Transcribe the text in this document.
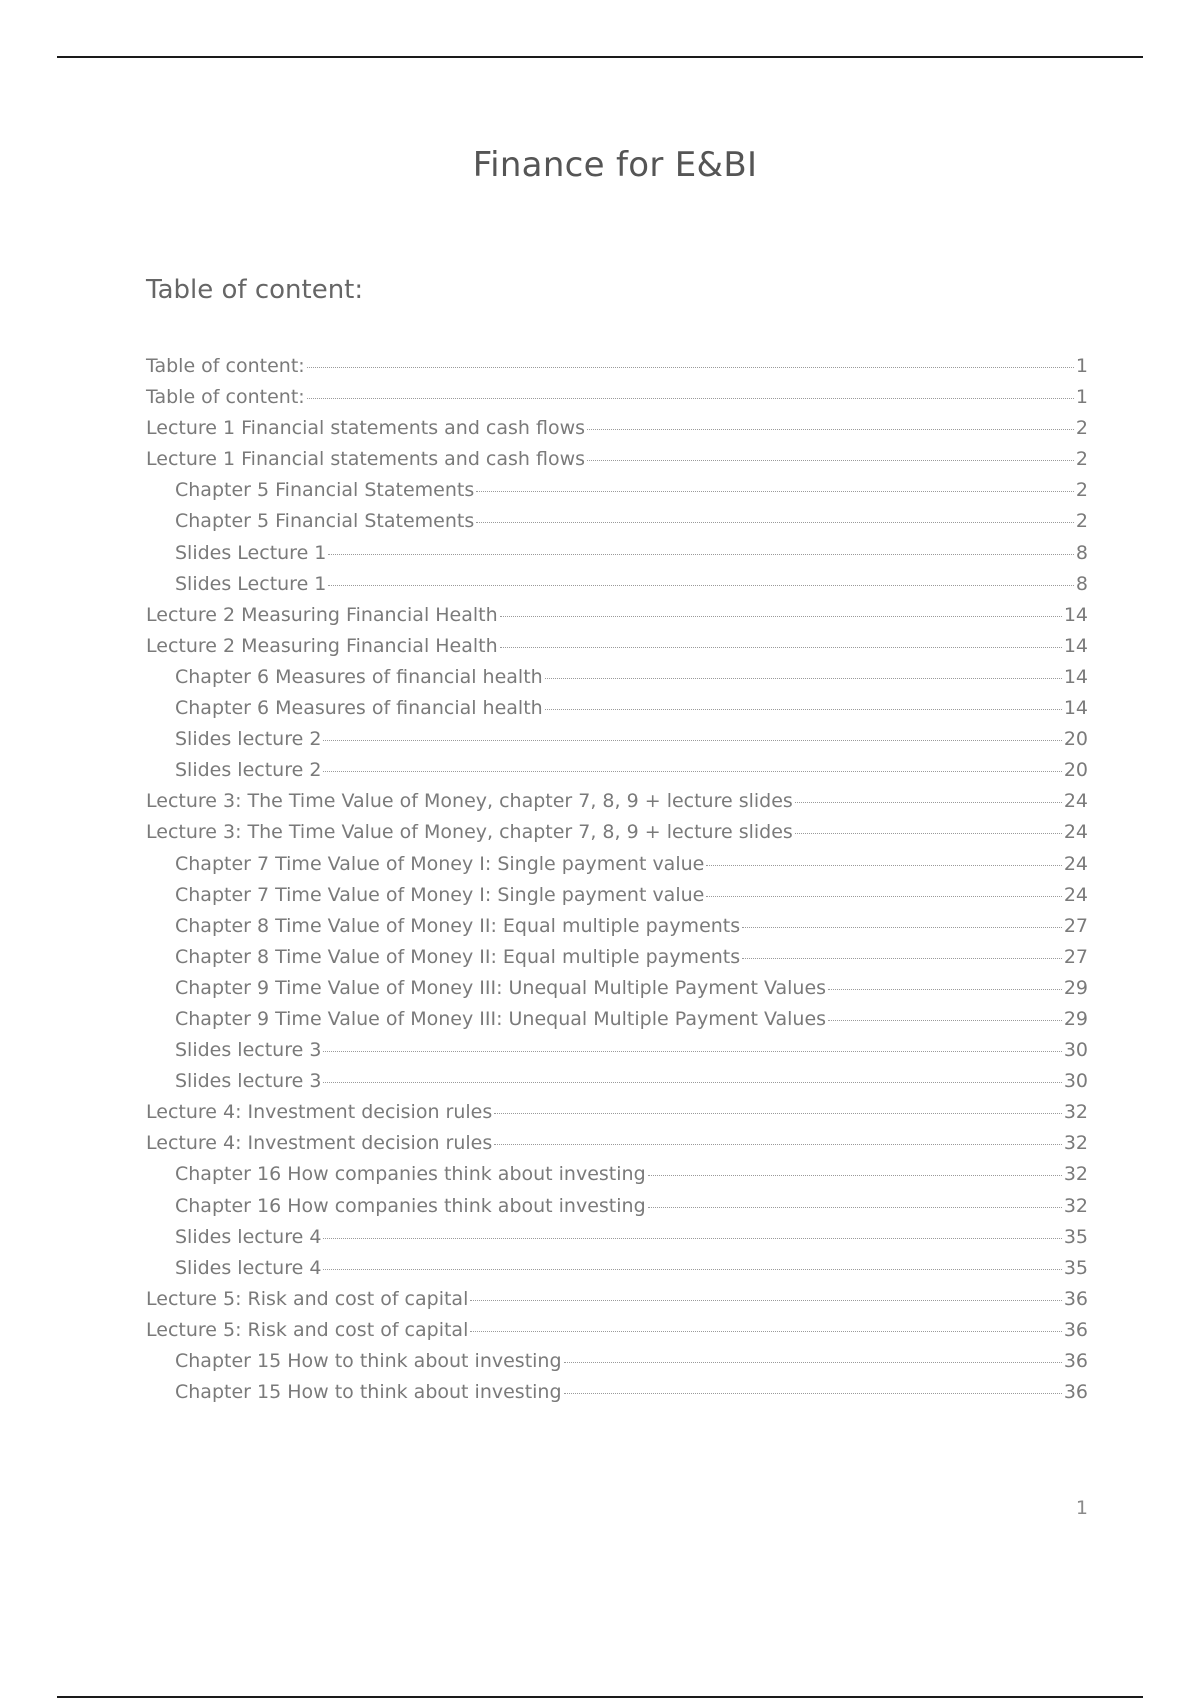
Finance for E&BI
Table of content:
Table of content:	1
Table of content:	1
Lecture 1 Financial statements and cash flows	2
Lecture 1 Financial statements and cash flows	2
Chapter 5 Financial Statements	2
Chapter 5 Financial Statements	2
Slides Lecture 1	8
Slides Lecture 1	8
Lecture 2 Measuring Financial Health	14
Lecture 2 Measuring Financial Health	14
Chapter 6 Measures of financial health	14
Chapter 6 Measures of financial health	14
Slides lecture 2	20
Slides lecture 2	20
Lecture 3: The Time Value of Money, chapter 7, 8, 9 + lecture slides	24
Lecture 3: The Time Value of Money, chapter 7, 8, 9 + lecture slides	24
Chapter 7 Time Value of Money I: Single payment value	24
Chapter 7 Time Value of Money I: Single payment value	24
Chapter 8 Time Value of Money II: Equal multiple payments	27
Chapter 8 Time Value of Money II: Equal multiple payments	27
Chapter 9 Time Value of Money III: Unequal Multiple Payment Values	29
Chapter 9 Time Value of Money III: Unequal Multiple Payment Values	29
Slides lecture 3	30
Slides lecture 3	30
Lecture 4: Investment decision rules	32
Lecture 4: Investment decision rules	32
Chapter 16 How companies think about investing	32
Chapter 16 How companies think about investing	32
Slides lecture 4	35
Slides lecture 4	35
Lecture 5: Risk and cost of capital	36
Lecture 5: Risk and cost of capital	36
Chapter 15 How to think about investing	36
Chapter 15 How to think about investing	36
1
